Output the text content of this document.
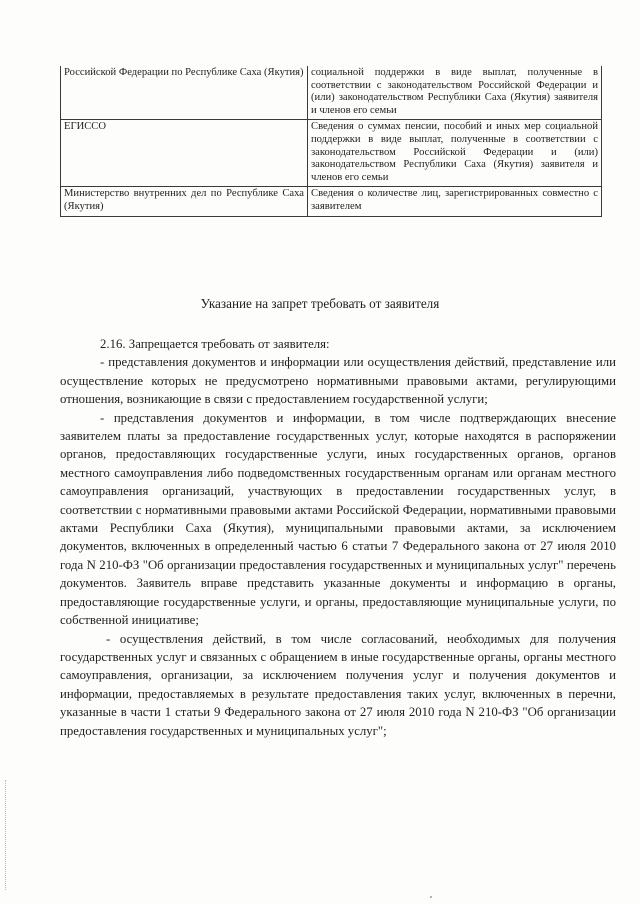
Российской Федерации по Республике Саха (Якутия)	социальной поддержки в виде выплат, полученные в соответствии с законодательством Российской Федерации и (или) законодательством Республики Саха (Якутия) заявителя и членов его семьи
ЕГИССО	Сведения о суммах пенсии, пособий и иных мер социальной поддержки в виде выплат, полученные в соответствии с законодательством Российской Федерации и (или) законодательством Республики Саха (Якутия) заявителя и членов его семьи
Министерство внутренних дел по Республике Саха (Якутия)	Сведения о количестве лиц, зарегистрированных совместно с заявителем
Указание на запрет требовать от заявителя

2.16. Запрещается требовать от заявителя:

- представления документов и информации или осуществления действий, представление или осуществление которых не предусмотрено нормативными правовыми актами, регулирующими отношения, возникающие в связи с предоставлением государственной услуги;

- представления документов и информации, в том числе подтверждающих внесение заявителем платы за предоставление государственных услуг, которые находятся в распоряжении органов, предоставляющих государственные услуги, иных государственных органов, органов местного самоуправления либо подведомственных государственным органам или органам местного самоуправления организаций, участвующих в предоставлении государственных услуг, в соответствии с нормативными правовыми актами Российской Федерации, нормативными правовыми актами Республики Саха (Якутия), муниципальными правовыми актами, за исключением документов, включенных в определенный частью 6 статьи 7 Федерального закона от 27 июля 2010 года N 210-ФЗ "Об организации предоставления государственных и муниципальных услуг" перечень документов. Заявитель вправе представить указанные документы и информацию в органы, предоставляющие государственные услуги, и органы, предоставляющие муниципальные услуги, по собственной инициативе;

- осуществления действий, в том числе согласований, необходимых для получения государственных услуг и связанных с обращением в иные государственные органы, органы местного самоуправления, организации, за исключением получения услуг и получения документов и информации, предоставляемых в результате предоставления таких услуг, включенных в перечни, указанные в части 1 статьи 9 Федерального закона от 27 июля 2010 года N 210-ФЗ "Об организации предоставления государственных и муниципальных услуг";
